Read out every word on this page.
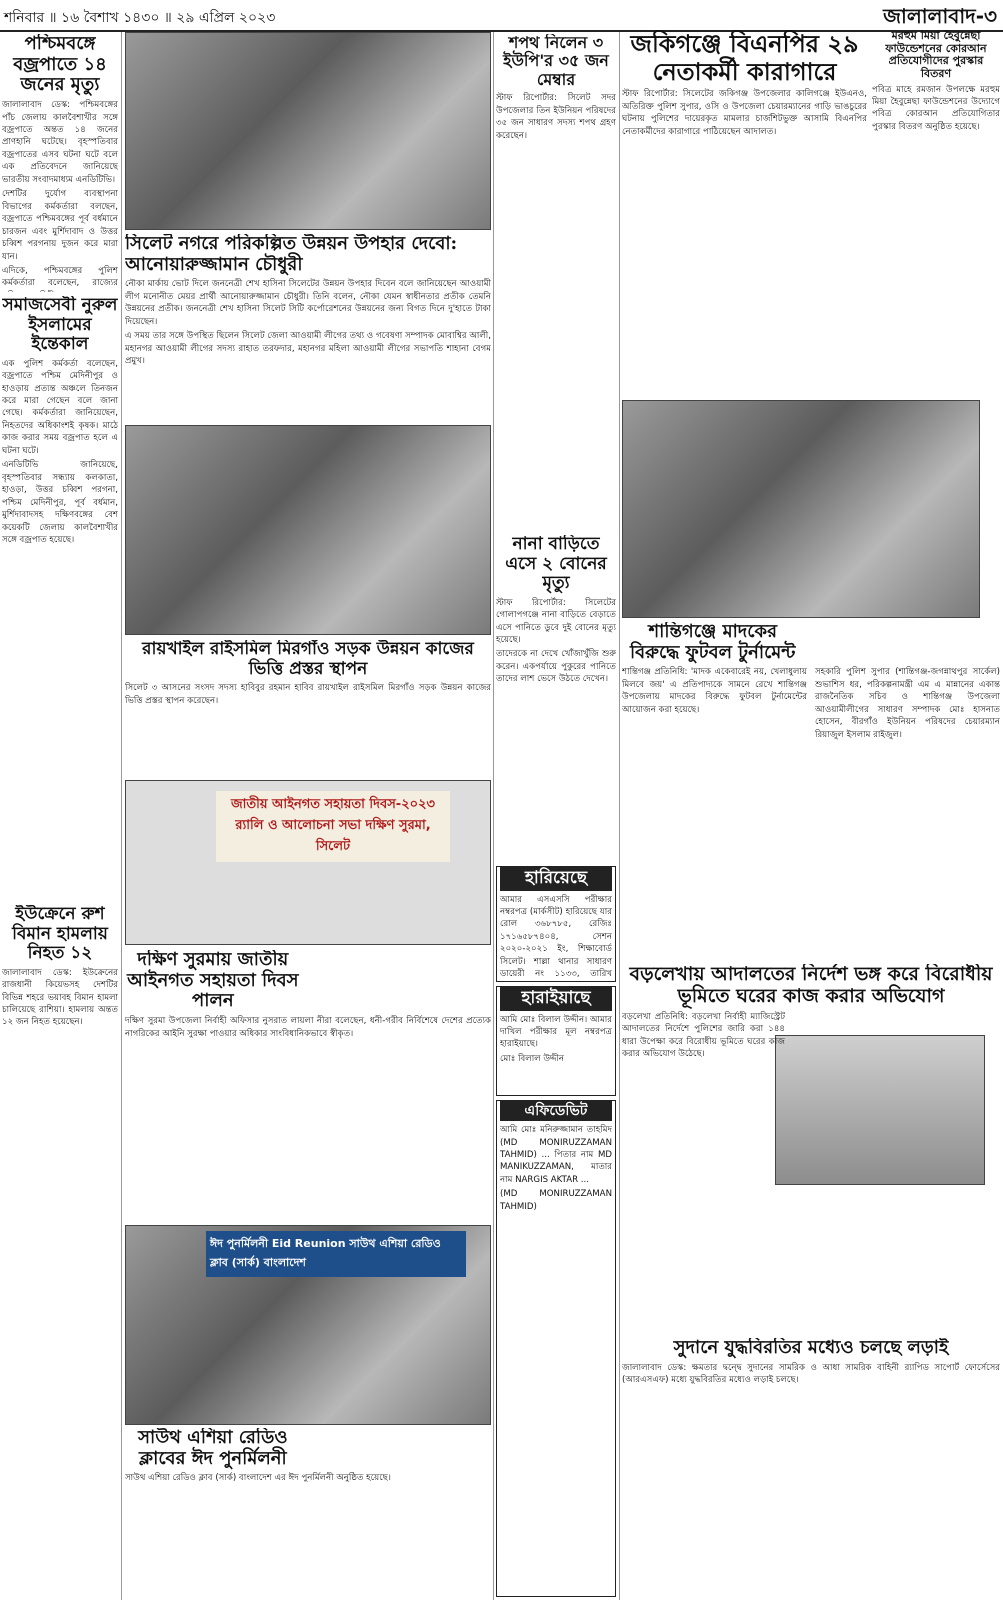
শনিবার ॥ ১৬ বৈশাখ ১৪৩০ ॥ ২৯ এপ্রিল ২০২৩	জালালাবাদ-৩
জাতীয় আইনগত সহায়তা দিবস-২০২৩ র‍্যালি ও আলোচনা সভা দক্ষিণ সুরমা, সিলেট
ঈদ পুনর্মিলনী Eid Reunion সাউথ এশিয়া রেডিও ক্লাব (সার্ক) বাংলাদেশ
পশ্চিমবঙ্গে বজ্রপাতে ১৪ জনের মৃত্যু

জালালাবাদ ডেস্ক: পশ্চিমবঙ্গের পাঁচ জেলায় কালবৈশাখীর সঙ্গে বজ্রপাতে অন্তত ১৪ জনের প্রাণহানি ঘটেছে। বৃহস্পতিবার বজ্রপাতের এসব ঘটনা ঘটে বলে এক প্রতিবেদনে জানিয়েছে ভারতীয় সংবাদমাধ্যম এনডিটিভি।

দেশটির দুর্যোগ ব্যবস্থাপনা বিভাগের কর্মকর্তারা বলছেন, বজ্রপাতে পশ্চিমবঙ্গের পূর্ব বর্ধমানে চারজন এবং মুর্শিদাবাদ ও উত্তর চব্বিশ পরগনায় দুজন করে মারা যান।

এদিকে, পশ্চিমবঙ্গের পুলিশ কর্মকর্তারা বলেছেন, রাজ্যের

সমাজসেবী নুরুল ইসলামের ইন্তেকাল

এক পুলিশ কর্মকর্তা বলেছেন, বজ্রপাতে পশ্চিম মেদিনীপুর ও হাওড়ায় প্রত্যন্ত অঞ্চলে তিনজন করে মারা গেছেন বলে জানা গেছে। কর্মকর্তারা জানিয়েছেন, নিহতদের অধিকাংশই কৃষক। মাঠে কাজ করার সময় বজ্রপাত হলে এ ঘটনা ঘটে।

এনডিটিভি জানিয়েছে, বৃহস্পতিবার সন্ধ্যায় কলকাতা, হাওড়া, উত্তর চব্বিশ পরগনা, পশ্চিম মেদিনীপুর, পূর্ব বর্ধমান, মুর্শিদাবাদসহ দক্ষিণবঙ্গের বেশ কয়েকটি জেলায় কালবৈশাখীর সঙ্গে বজ্রপাত হয়েছে।

ইউক্রেনে রুশ বিমান হামলায় নিহত ১২

জালালাবাদ ডেস্ক: ইউক্রেনের রাজধানী কিয়েভসহ দেশটির বিভিন্ন শহরে ভয়াবহ বিমান হামলা চালিয়েছে রাশিয়া। হামলায় অন্তত ১২ জন নিহত হয়েছেন।

সিলেট নগরে পরিকল্পিত উন্নয়ন উপহার দেবো: আনোয়ারুজ্জামান চৌধুরী

নৌকা মার্কায় ভোট দিলে জননেত্রী শেখ হাসিনা সিলেটের উন্নয়ন উপহার দিবেন বলে জানিয়েছেন আওয়ামী লীগ মনোনীত মেয়র প্রার্থী আনোয়ারুজ্জামান চৌধুরী। তিনি বলেন, নৌকা যেমন স্বাধীনতার প্রতীক তেমনি উন্নয়নের প্রতীক। জননেত্রী শেখ হাসিনা সিলেট সিটি কর্পোরেশনের উন্নয়নের জন্য বিগত দিনে দু'হাতে টাকা দিয়েছেন।

এ সময় তার সঙ্গে উপস্থিত ছিলেন সিলেট জেলা আওয়ামী লীগের তথ্য ও গবেষণা সম্পাদক মোবাশ্বির আলী, মহানগর আওয়ামী লীগের সদস্য রাহাত তরফদার, মহানগর মহিলা আওয়ামী লীগের সভাপতি শাহানা বেগম প্রমুখ।

রায়খাইল রাইসমিল মিরগাঁও সড়ক উন্নয়ন কাজের ভিত্তি প্রস্তর স্থাপন

সিলেট ৩ আসনের সংসদ সদস্য হাবিবুর রহমান হাবিব রায়খাইল রাইসমিল মিরগাঁও সড়ক উন্নয়ন কাজের ভিত্তি প্রস্তর স্থাপন করেছেন।

দক্ষিণ সুরমায় জাতীয় আইনগত সহায়তা দিবস পালন

দক্ষিণ সুরমা উপজেলা নির্বাহী অফিসার নুসরাত লায়লা নীরা বলেছেন, ধনী-গরীব নির্বিশেষে দেশের প্রত্যেক নাগরিকের আইনি সুরক্ষা পাওয়ার অধিকার সাংবিধানিকভাবে স্বীকৃত।

সাউথ এশিয়া রেডিও ক্লাবের ঈদ পুনর্মিলনী

সাউথ এশিয়া রেডিও ক্লাব (সার্ক) বাংলাদেশ এর ঈদ পুনর্মিলনী অনুষ্ঠিত হয়েছে।

শপথ নিলেন ৩ ইউপি'র ৩৫ জন মেম্বার

স্টাফ রিপোর্টার: সিলেট সদর উপজেলার তিন ইউনিয়ন পরিষদের ৩৫ জন সাধারণ সদস্য শপথ গ্রহণ করেছেন।

নানা বাড়িতে এসে ২ বোনের মৃত্যু

স্টাফ রিপোর্টার: সিলেটের গোলাপগঞ্জে নানা বাড়িতে বেড়াতে এসে পানিতে ডুবে দুই বোনের মৃত্যু হয়েছে।

তাদেরকে না দেখে খোঁজাখুঁজি শুরু করেন। একপর্যায়ে পুকুরের পানিতে তাদের লাশ ভেসে উঠতে দেখেন।

হারিয়েছে

আমার এসএসসি পরীক্ষার নম্বরপত্র (মার্কসীট) হারিয়েছে যার রোল ৩৬৮৭৮৫, রেজিঃ ১৭১৬৫৮৭৪০৪, সেশন ২০২০-২০২১ ইং, শিক্ষাবোর্ড সিলেট। শাল্লা থানার সাধারণ ডায়েরী নং ১১৩৩, তারিখ

হারাইয়াছে

আমি মোঃ বিলাল উদ্দীন। আমার দাখিল পরীক্ষার মূল নম্বরপত্র হারাইয়াছে।

মোঃ বিলাল উদ্দীন

এফিডেভিট

আমি মোঃ মনিরুজ্জামান তাহমিদ (MD MONIRUZZAMAN TAHMID) ... পিতার নাম MD MANIKUZZAMAN, মাতার নাম NARGIS AKTAR ...

(MD MONIRUZZAMAN TAHMID)

জকিগঞ্জে বিএনপির ২৯ নেতাকর্মী কারাগারে

স্টাফ রিপোর্টার: সিলেটের জকিগঞ্জ উপজেলার কালিগঞ্জে ইউএনও, অতিরিক্ত পুলিশ সুপার, ওসি ও উপজেলা চেয়ারম্যানের গাড়ি ভাঙচুরের ঘটনায় পুলিশের দায়েরকৃত মামলার চার্জশিটভুক্ত আসামি বিএনপির নেতাকর্মীদের কারাগারে পাঠিয়েছেন আদালত।

মরহুম মিয়া হৈবুন্নেছা ফাউন্ডেশনের কোরআন প্রতিযোগীদের পুরস্কার বিতরণ

পবিত্র মাহে রমজান উপলক্ষে মরহুম মিয়া হৈবুন্নেছা ফাউন্ডেশনের উদ্যোগে পবিত্র কোরআন প্রতিযোগিতার পুরস্কার বিতরণ অনুষ্ঠিত হয়েছে।

শান্তিগঞ্জে মাদকের বিরুদ্ধে ফুটবল টুর্নামেন্ট

শান্তিগঞ্জ প্রতিনিধি: 'মাদক একেবারেই নয়, খেলাধুলায় মিলবে জয়' এ প্রতিপাদ্যকে সামনে রেখে শান্তিগঞ্জ উপজেলায় মাদকের বিরুদ্ধে ফুটবল টুর্নামেন্টের আয়োজন করা হয়েছে।

সহকারি পুলিশ সুপার (শান্তিগঞ্জ-জগন্নাথপুর সার্কেল) শুভাশিস ধর, পরিকল্পনামন্ত্রী এম এ মান্নানের একান্ত রাজনৈতিক সচিব ও শান্তিগঞ্জ উপজেলা আওয়ামীলীগের সাধারণ সম্পাদক মোঃ হাসনাত হোসেন, বীরগাঁও ইউনিয়ন পরিষদের চেয়ারম্যান রিয়াজুল ইসলাম রাইজুল।

বড়লেখায় আদালতের নির্দেশ ভঙ্গ করে বিরোধীয় ভূমিতে ঘরের কাজ করার অভিযোগ

বড়লেখা প্রতিনিধি: বড়লেখা নির্বাহী ম্যাজিস্ট্রেট আদালতের নির্দেশে পুলিশের জারি করা ১৪৪ ধারা উপেক্ষা করে বিরোধীয় ভূমিতে ঘরের কাজ করার অভিযোগ উঠেছে।

সুদানে যুদ্ধবিরতির মধ্যেও চলছে লড়াই

জালালাবাদ ডেস্ক: ক্ষমতার দ্বন্দ্বে সুদানের সামরিক ও আধা সামরিক বাহিনী র‍্যাপিড সাপোর্ট ফোর্সেসের (আরএসএফ) মধ্যে যুদ্ধবিরতির মধ্যেও লড়াই চলছে।
